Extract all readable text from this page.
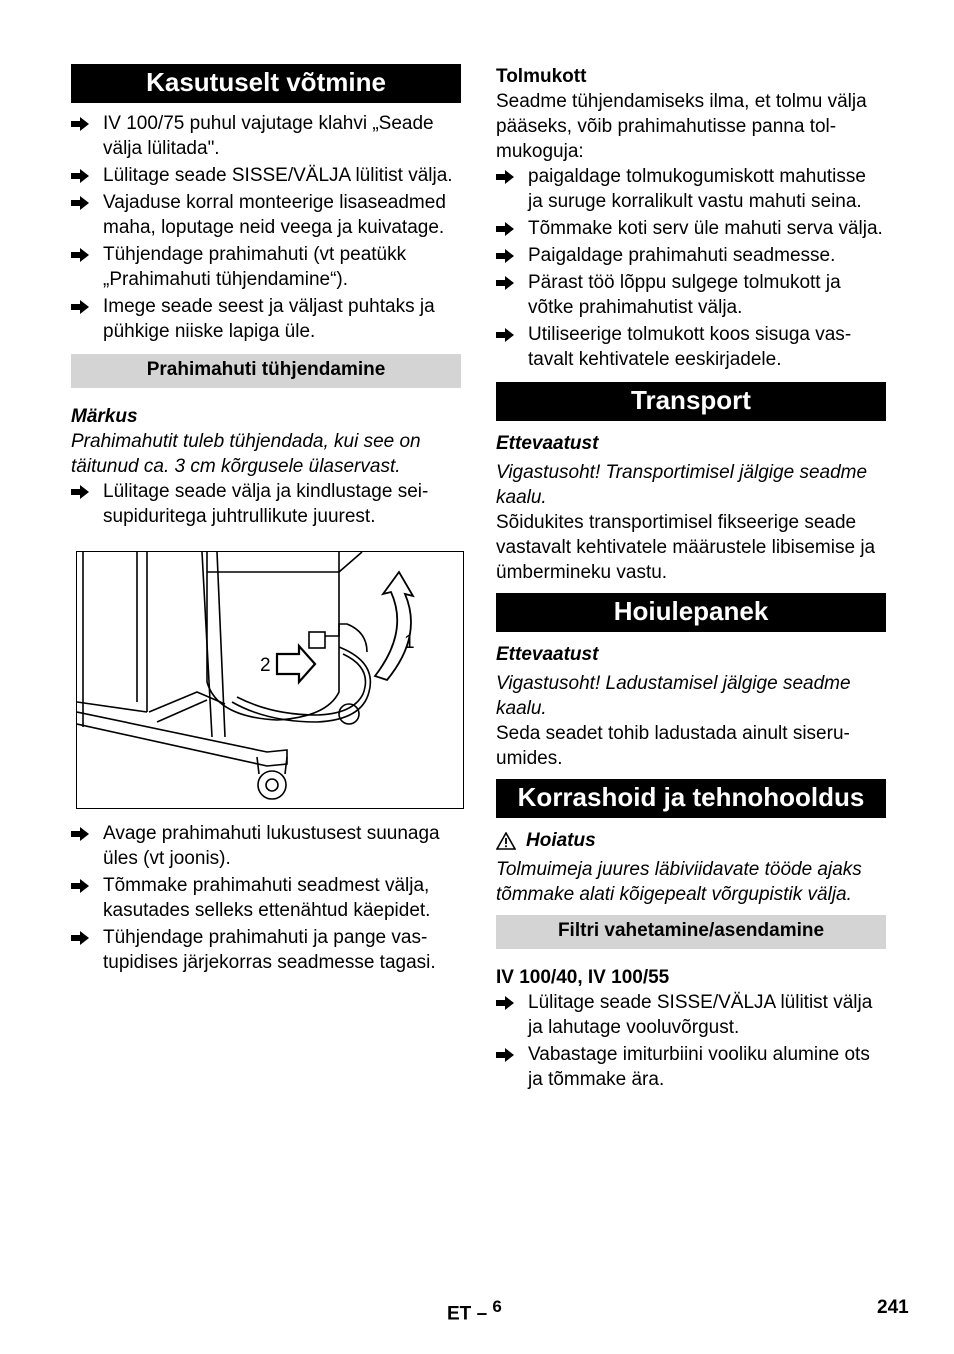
Kasutuselt võtmine
IV 100/75 puhul vajutage klahvi „Seade välja lülitada".
Lülitage seade SISSE/VÄLJA lülitist välja.
Vajaduse korral monteerige lisaseadmed maha, loputage neid veega ja kuivatage.
Tühjendage prahimahuti (vt peatükk „Prahimahuti tühjendamine“).
Imege seade seest ja väljast puhtaks ja pühkige niiske lapiga üle.
Prahimahuti tühjendamine

Märkus

Prahimahutit tuleb tühjendada, kui see on täitunud ca. 3 cm kõrgusele ülaservast.

Lülitage seade välja ja kindlustage seisupiduritega juhtrullikute juurest.
2
1
Avage prahimahuti lukustusest suunaga üles (vt joonis).
Tõmmake prahimahuti seadmest välja, kasutades selleks ettenähtud käepidet.
Tühjendage prahimahuti ja pange vastupidises järjekorras seadmesse tagasi.

Tolmukott

Seadme tühjendamiseks ilma, et tolmu välja pääseks, võib prahimahutisse panna tolmukoguja:

paigaldage tolmukogumiskott mahutisse ja suruge korralikult vastu mahuti seina.
Tõmmake koti serv üle mahuti serva välja.
Paigaldage prahimahuti seadmesse.
Pärast töö lõppu sulgege tolmukott ja võtke prahimahutist välja.
Utiliseerige tolmukott koos sisuga vastavalt kehtivatele eeskirjadele.
Transport

Ettevaatust

Vigastusoht! Transportimisel jälgige seadme kaalu.

Sõidukites transportimisel fikseerige seade vastavalt kehtivatele määrustele libisemise ja ümbermineku vastu.

Hoiulepanek

Ettevaatust

Vigastusoht! Ladustamisel jälgige seadme kaalu.

Seda seadet tohib ladustada ainult siseruumides.

Korrashoid ja tehnohooldus
Hoiatus

Tolmuimeja juures läbiviidavate tööde ajaks tõmmake alati kõigepealt võrgupistik välja.

Filtri vahetamine/asendamine

IV 100/40, IV 100/55

Lülitage seade SISSE/VÄLJA lülitist välja ja lahutage vooluvõrgust.
Vabastage imiturbiini vooliku alumine ots ja tõmmake ära.
ET – $^6$	241
